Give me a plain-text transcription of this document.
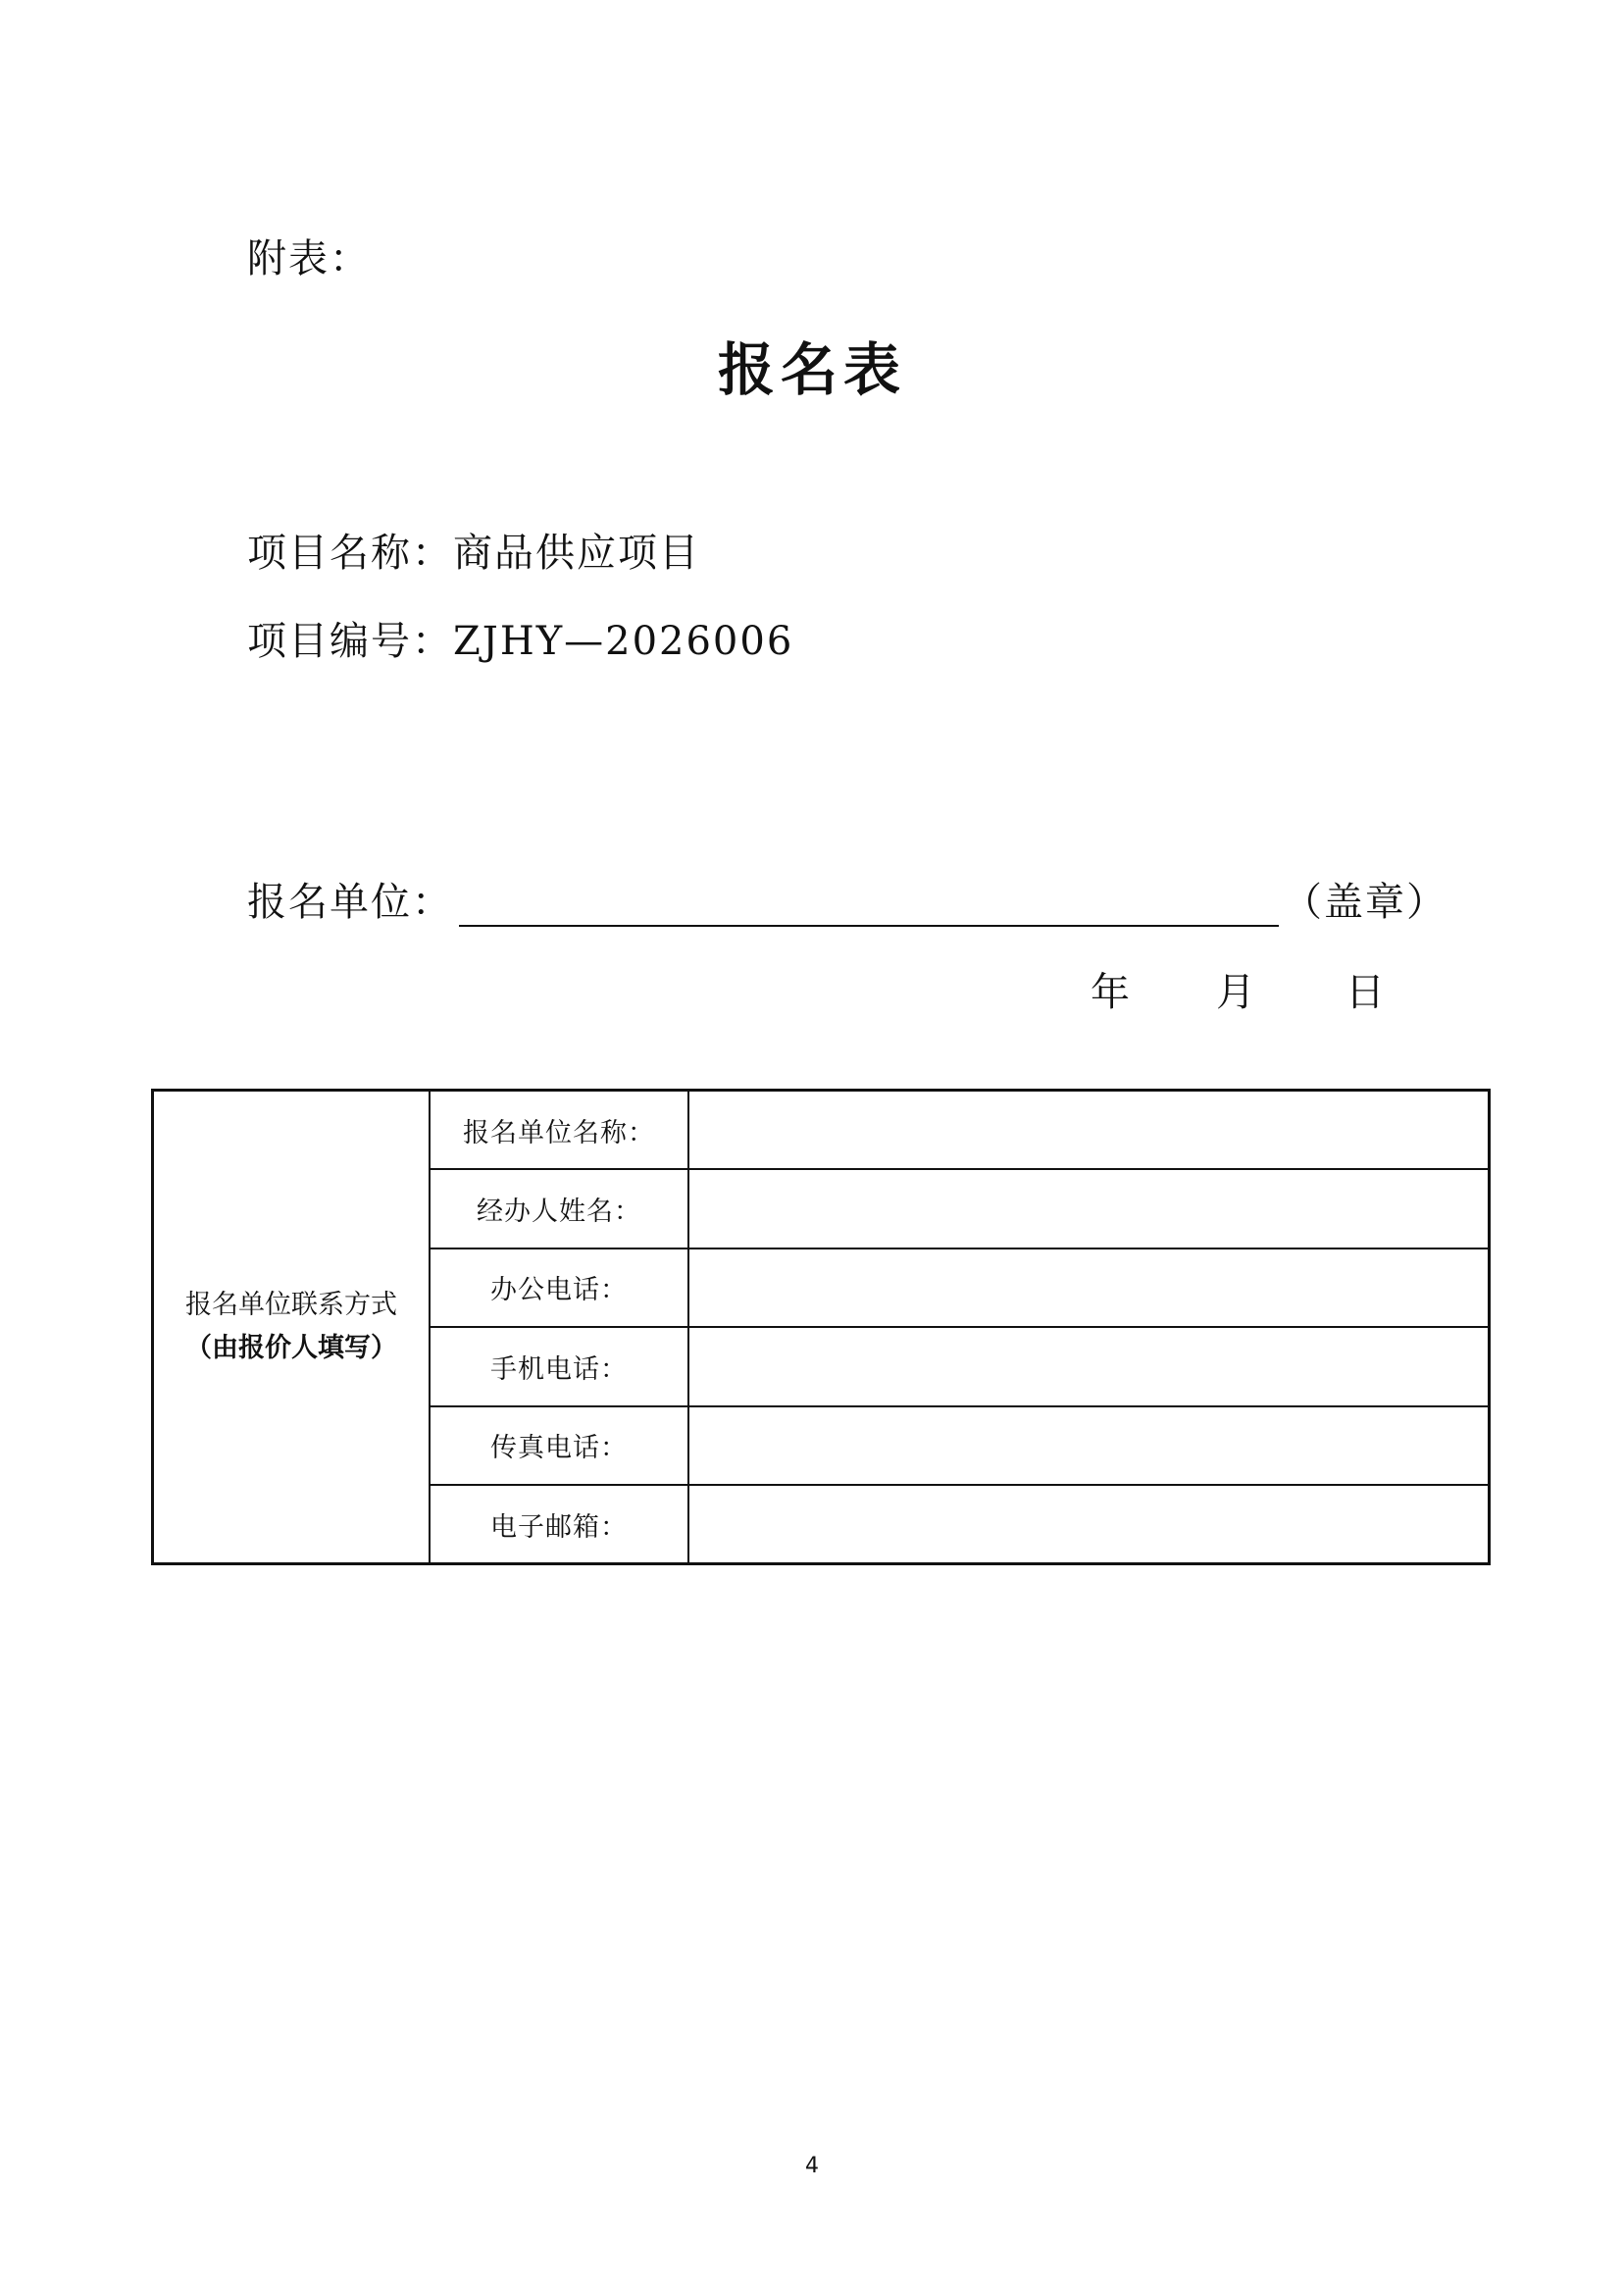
附表：
报名表
项目名称：商品供应项目
项目编号：ZJHY—2026006
报名单位：	（盖章）
年 月 日
报名单位联系方式
（由报价人填写）	报名单位名称：	
	经办人姓名：	
	办公电话：	
	手机电话：	
	传真电话：	
	电子邮箱：	
4
